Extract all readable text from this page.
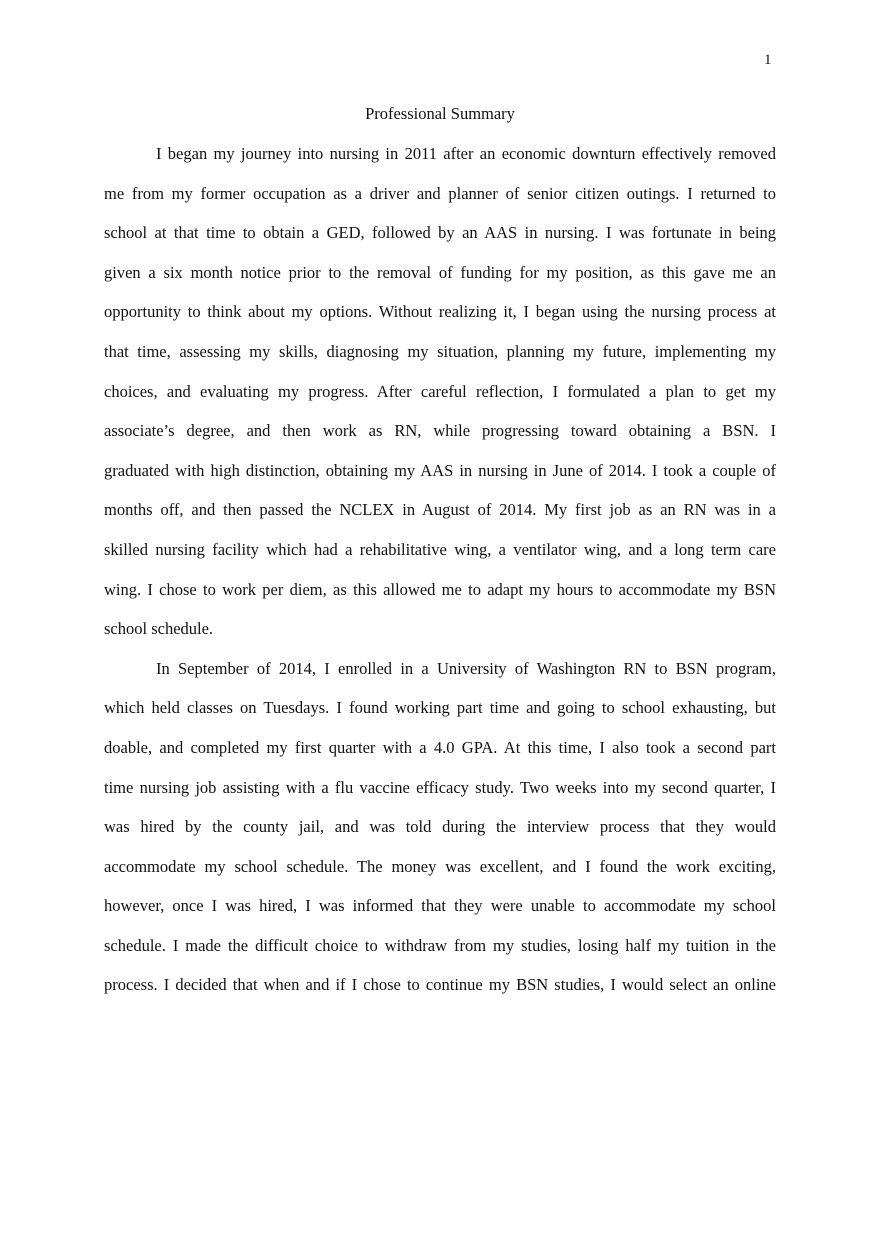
1
Professional Summary
I began my journey into nursing in 2011 after an economic downturn effectively removed
me from my former occupation as a driver and planner of senior citizen outings. I returned to
school at that time to obtain a GED, followed by an AAS in nursing. I was fortunate in being
given a six month notice prior to the removal of funding for my position, as this gave me an
opportunity to think about my options. Without realizing it, I began using the nursing process at
that time, assessing my skills, diagnosing my situation, planning my future, implementing my
choices, and evaluating my progress. After careful reflection, I formulated a plan to get my
associate’s degree, and then work as RN, while progressing toward obtaining a BSN. I
graduated with high distinction, obtaining my AAS in nursing in June of 2014. I took a couple of
months off, and then passed the NCLEX in August of 2014. My first job as an RN was in a
skilled nursing facility which had a rehabilitative wing, a ventilator wing, and a long term care
wing. I chose to work per diem, as this allowed me to adapt my hours to accommodate my BSN
school schedule.
In September of 2014, I enrolled in a University of Washington RN to BSN program,
which held classes on Tuesdays. I found working part time and going to school exhausting, but
doable, and completed my first quarter with a 4.0 GPA. At this time, I also took a second part
time nursing job assisting with a flu vaccine efficacy study. Two weeks into my second quarter, I
was hired by the county jail, and was told during the interview process that they would
accommodate my school schedule. The money was excellent, and I found the work exciting,
however, once I was hired, I was informed that they were unable to accommodate my school
schedule. I made the difficult choice to withdraw from my studies, losing half my tuition in the
process. I decided that when and if I chose to continue my BSN studies, I would select an online
